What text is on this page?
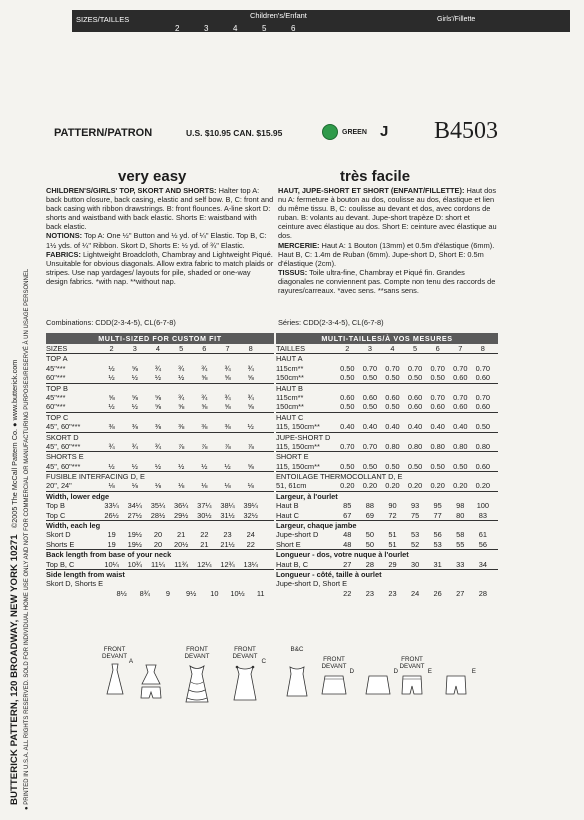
BUTTERICK PATTERN, 120 BROADWAY, NEW YORK 10271   ©2005 The McCall Pattern Co. ● www.butterick.com ● PRINTED IN U.S.A. ALL RIGHTS RESERVED. SOLD FOR INDIVIDUAL HOME USE ONLY AND NOT FOR COMMERCIAL OR MANUFACTURING PURPOSES/RESERVÉ À UN USAGE PERSONNEL
SIZES/TAILLES	Children's/Enfant	Girls'/Fillette
2	3	4	5	6
PATTERN/PATRON	U.S. $10.95 CAN. $15.95	GREEN J B4503
very easy	très facile
CHILDREN'S/GIRLS' TOP, SKORT AND SHORTS: Halter top A: back button closure, back casing, elastic and self bow. B, C: front and back casing with ribbon drawstrings. B: front flounces. A-line skort D: shorts and waistband with back elastic. Shorts E: waistband with back elastic.
NOTIONS: Top A: One ½" Button and ½ yd. of ¼" Elastic. Top B, C: 1½ yds. of ¼" Ribbon. Skort D, Shorts E: ½ yd. of ¾" Elastic.
FABRICS: Lightweight Broadcloth, Chambray and Lightweight Piqué. Unsuitable for obvious diagonals. Allow extra fabric to match plaids or stripes. Use nap yardages/ layouts for pile, shaded or one-way design fabrics. *with nap. **without nap.
HAUT, JUPE-SHORT ET SHORT (ENFANT/FILLETTE): Haut dos nu A: fermeture à bouton au dos, coulisse au dos, élastique et lien du même tissu. B, C: coulisse au devant et dos, avec cordons de ruban. B: volants au devant. Jupe-short trapèze D: short et ceinture avec élastique au dos. Short E: ceinture avec élastique au dos.
MERCERIE: Haut A: 1 Bouton (13mm) et 0.5m d'élastique (6mm). Haut B, C: 1.4m de Ruban (6mm). Jupe-short D, Short E: 0.5m d'élastique (2cm).
TISSUS: Toile ultra-fine, Chambray et Piqué fin. Grandes diagonales ne conviennent pas. Compte non tenu des raccords de rayures/carreaux. *avec sens. **sans sens.
Combinations: CDD(2-3-4-5), CL(6-7-8)	Séries: CDD(2-3-4-5), CL(6-7-8)
MULTI-SIZED FOR CUSTOM FIT
SIZES	2	3	4	5	6	7	8
TOP A
45"***	½ ⅝ ¾ ¾ ¾ ¾ ¾
60"***	½ ½ ½ ½ ⅝ ⅝ ⅝
TOP B
45"***	⅝ ⅝ ⅝ ¾ ¾ ¾ ¾
60"***	½ ½ ⅝ ⅝ ⅝ ⅝ ⅝
TOP C
45", 60"***	⅜ ⅜ ⅜ ⅜ ⅜ ⅜ ½
SKORT D
45", 60"***	¾ ¾ ¾ ⅞ ⅞ ⅞ ⅞
SHORTS E
45", 60"***	½ ½ ½ ½ ½ ½ ⅝
FUSIBLE INTERFACING D, E
20", 24"	⅛ ⅛ ⅛ ⅛ ⅛ ⅛ ⅛
Width, lower edge
Top B	33¼ 34¼ 35¼ 36¼ 37¼ 38¼ 39¼
Top C	26½ 27½ 28½ 29½ 30½ 31½ 32½
Width, each leg
Skort D	19 19½ 20 21 22 23 24
Shorts E	19 19½ 20 20½ 21 21½ 22
Back length from base of your neck
Top B, C	10¼ 10¾ 11¼ 11¾ 12¼ 12¾ 13¼
Side length from waist
Skort D, Shorts E
8½ 8¾ 9 9½ 10 10½ 11
MULTI-TAILLES/À VOS MESURES
TAILLES	2 3 4 5 6 7 8
HAUT A
115cm**	0.50 0.70 0.70 0.70 0.70 0.70 0.70
150cm**	0.50 0.50 0.50 0.50 0.50 0.60 0.60
HAUT B
115cm**	0.60 0.60 0.60 0.60 0.70 0.70 0.70
150cm**	0.50 0.50 0.50 0.60 0.60 0.60 0.60
HAUT C
115, 150cm**	0.40 0.40 0.40 0.40 0.40 0.40 0.50
JUPE-SHORT D
115, 150cm**	0.70 0.70 0.80 0.80 0.80 0.80 0.80
SHORT E
115, 150cm**	0.50 0.50 0.50 0.50 0.50 0.50 0.60
ENTOILAGE THERMOCOLLANT D, E
51, 61cm	0.20 0.20 0.20 0.20 0.20 0.20 0.20
Largeur, à l'ourlet
Haut B	85 88 90 93 95 98 100
Haut C	67 69 72 75 77 80 83
Largeur, chaque jambe
Jupe-short D	48 50 51 53 56 58 61
Short E	48 50 51 52 53 55 56
Longueur - dos, votre nuque à l'ourlet
Haut B, C	27 28 29 30 31 33 34
Longueur - côté, taille à ourlet
Jupe-short D, Short E
22 23 23 24 26 27 28
FRONT
DEVANT
A
FRONT
DEVANT
FRONT
DEVANT
C
B&C
FRONT
DEVANT
D	D
FRONT
DEVANT
E	E
